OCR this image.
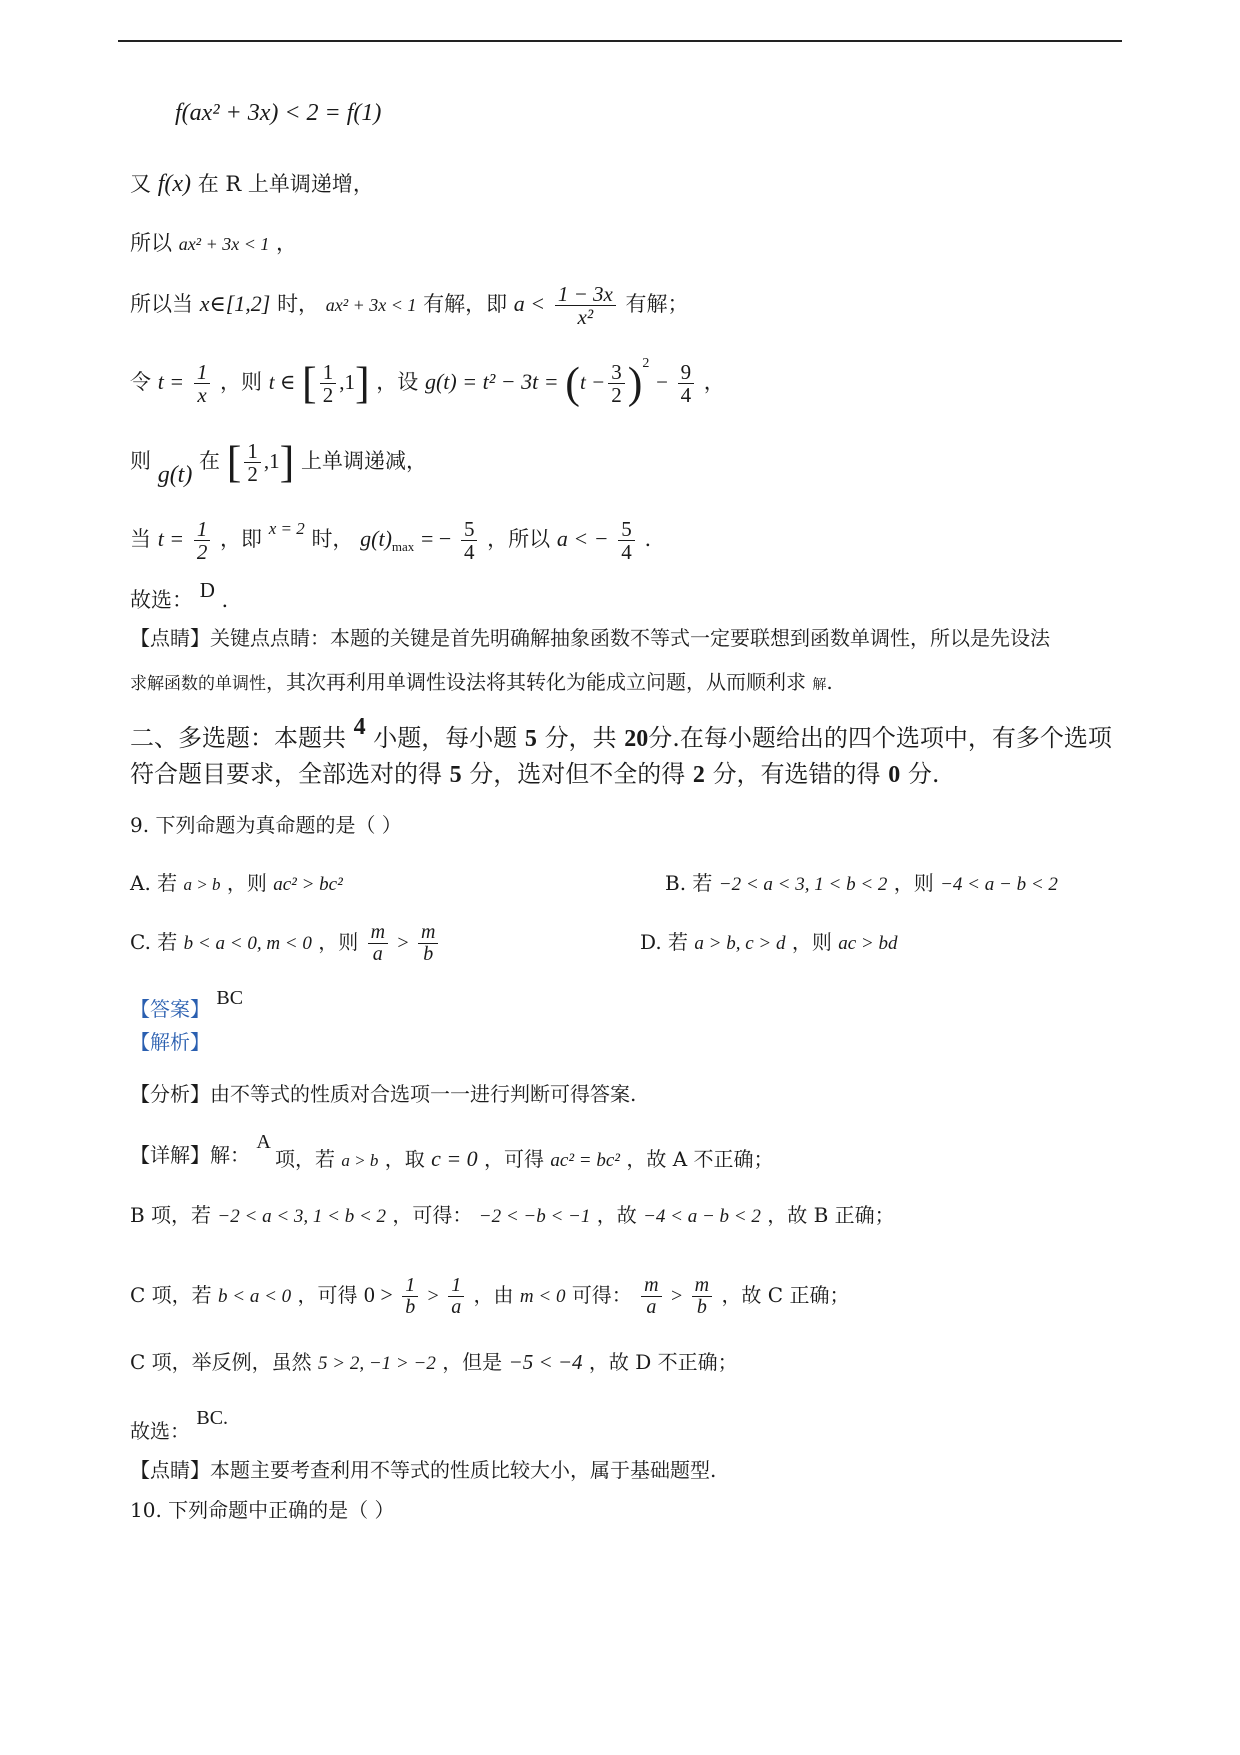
f(ax² + 3x) < 2 = f(1)
又 f(x) 在 R 上单调递增，
所以 ax² + 3x < 1 ，
所以当 x∈[1,2] 时， ax² + 3x < 1 有解，即 $a < \frac{1 - 3x}{\text{x²}}$ 有解；
令 $t = \frac{1}{x}$ ，则 t ∈ [ $\frac{1}{2} ,1$] ，设 $g(t) = t^2 - 3t = (t - \frac{3}{2} )^2 - \frac{9}{4}$ ，
则 g(t) 在 [ $\frac{1}{2} ,1$] 上单调递减，
当 $t = \frac{1}{2}$ ，即 $^{x = 2}$ 时， $g(t)_{max}$ = − $\frac{5}{4}$ ，所以 a < − $\frac{5}{4}$ .
故选： D .
【点睛】关键点点睛：本题的关键是首先明确解抽象函数不等式一定要联想到函数单调性，所以是先设法
求解函数的单调性，其次再利用单调性设法将其转化为能成立问题，从而顺利求 解.
二、多选题：本题共 4 小题，每小题 5 分，共 20分.在每小题给出的四个选项中，有多个选项
符合题目要求，全部选对的得 5 分，选对但不全的得 2 分，有选错的得 0 分.
9. 下列命题为真命题的是（ ）
A. 若 a > b ，则 ac² > bc²	B. 若 −2 < a < 3, 1 < b < 2 ，则 −4 < a − b < 2
C. 若 b < a < 0, m < 0 ，则 $\frac{m}{a} > \frac{m}{b}$	D. 若 a > b, c > d ，则 ac > bd
【答案】 BC
【解析】
【分析】由不等式的性质对合选项一一进行判断可得答案.
【详解】解： A
项，若 a > b ，取 c = 0 ，可得 ac² = bc² ，故 A 不正确；
B 项，若 −2 < a < 3, 1 < b < 2 ，可得： −2 < −b < −1 ，故 −4 < a − b < 2 ，故 B 正确；
C 项，若 b < a < 0 ，可得 $0 > \frac{1}{b} > \frac{1}{a}$ ，由 m < 0 可得： $\frac{m}{a} > \frac{m}{b}$ ，故 C 正确；
C 项，举反例，虽然 5 > 2, −1 > −2 ，但是 −5 < −4 ，故 D 不正确；
故选： BC.
【点睛】本题主要考查利用不等式的性质比较大小，属于基础题型.
10. 下列命题中正确的是（ ）
